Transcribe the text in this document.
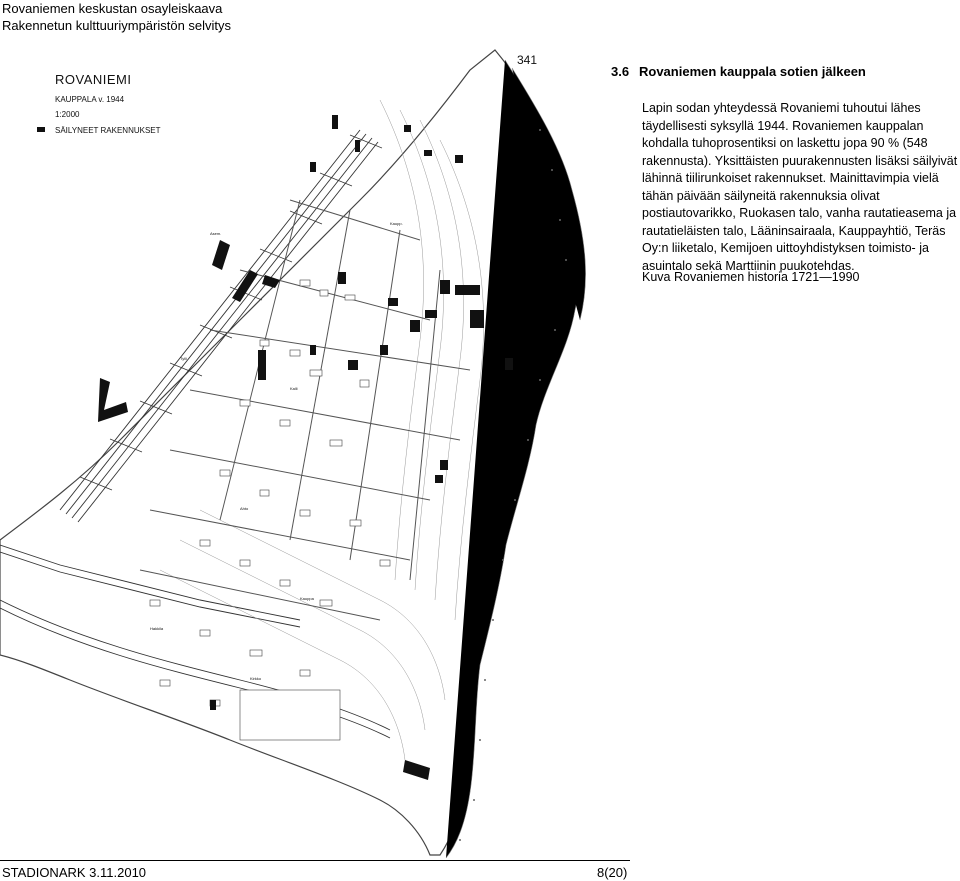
Rovaniemen keskustan osayleiskaava
Rakennetun kulttuuriympäristön selvitys
Asem.
Tylli
Kalli
Ahto
Kauppa
Hakkila
Kirkko
Kaupp.
ROVANIEMI
KAUPPALA v. 1944
1:2000
SÄILYNEET RAKENNUKSET
341
3.6 Rovaniemen kauppala sotien jälkeen

Lapin sodan yhteydessä Rovaniemi tuhoutui lähes täydellisesti syksyllä 1944. Rovaniemen kauppalan kohdalla tuhoprosentiksi on laskettu jopa 90 % (548 rakennusta). Yksittäisten puurakennusten lisäksi säilyivät lähinnä tiilirunkoiset rakennukset. Mainittavimpia vielä tähän päivään säilyneitä rakennuksia olivat postiautovarikko, Ruokasen talo, vanha rautatieasema ja rautatieläisten talo, Lääninsairaala, Kauppayhtiö, Teräs Oy:n liiketalo, Kemijoen uittoyhdistyksen toimisto- ja asuintalo sekä Marttiinin puukotehdas.

Kuva Rovaniemen historia 1721—1990
STADIONARK 3.11.2010	8(20)
